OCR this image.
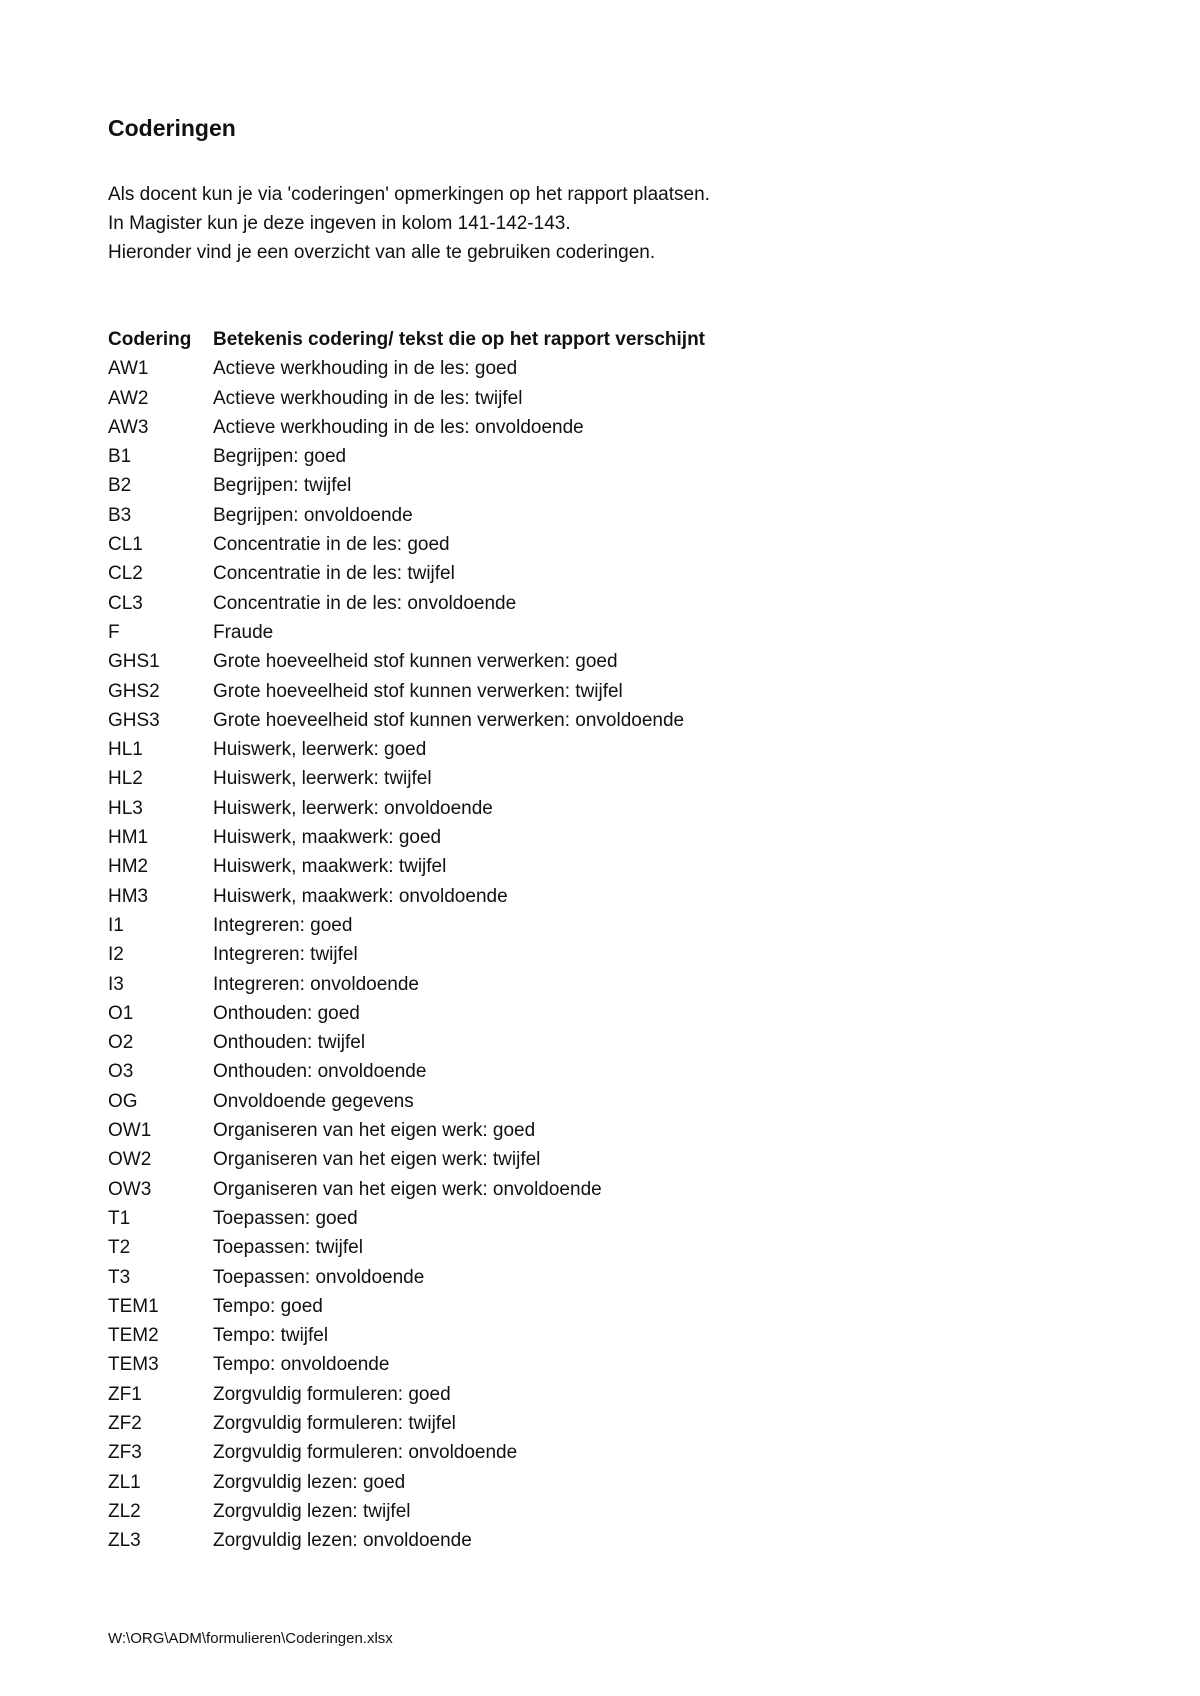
Coderingen

Als docent kun je via 'coderingen' opmerkingen op het rapport plaatsen.

In Magister kun je deze ingeven in kolom 141-142-143.

Hieronder vind je een overzicht van alle te gebruiken coderingen.

Codering	Betekenis codering/ tekst die op het rapport verschijnt
AW1	Actieve werkhouding in de les: goed
AW2	Actieve werkhouding in de les: twijfel
AW3	Actieve werkhouding in de les: onvoldoende
B1	Begrijpen: goed
B2	Begrijpen: twijfel
B3	Begrijpen: onvoldoende
CL1	Concentratie in de les: goed
CL2	Concentratie in de les: twijfel
CL3	Concentratie in de les: onvoldoende
F	Fraude
GHS1	Grote hoeveelheid stof kunnen verwerken: goed
GHS2	Grote hoeveelheid stof kunnen verwerken: twijfel
GHS3	Grote hoeveelheid stof kunnen verwerken: onvoldoende
HL1	Huiswerk, leerwerk: goed
HL2	Huiswerk, leerwerk: twijfel
HL3	Huiswerk, leerwerk: onvoldoende
HM1	Huiswerk, maakwerk: goed
HM2	Huiswerk, maakwerk: twijfel
HM3	Huiswerk, maakwerk: onvoldoende
I1	Integreren: goed
I2	Integreren: twijfel
I3	Integreren: onvoldoende
O1	Onthouden: goed
O2	Onthouden: twijfel
O3	Onthouden: onvoldoende
OG	Onvoldoende gegevens
OW1	Organiseren van het eigen werk: goed
OW2	Organiseren van het eigen werk: twijfel
OW3	Organiseren van het eigen werk: onvoldoende
T1	Toepassen: goed
T2	Toepassen: twijfel
T3	Toepassen: onvoldoende
TEM1	Tempo: goed
TEM2	Tempo: twijfel
TEM3	Tempo: onvoldoende
ZF1	Zorgvuldig formuleren: goed
ZF2	Zorgvuldig formuleren: twijfel
ZF3	Zorgvuldig formuleren: onvoldoende
ZL1	Zorgvuldig lezen: goed
ZL2	Zorgvuldig lezen: twijfel
ZL3	Zorgvuldig lezen: onvoldoende
W:\ORG\ADM\formulieren\Coderingen.xlsx
